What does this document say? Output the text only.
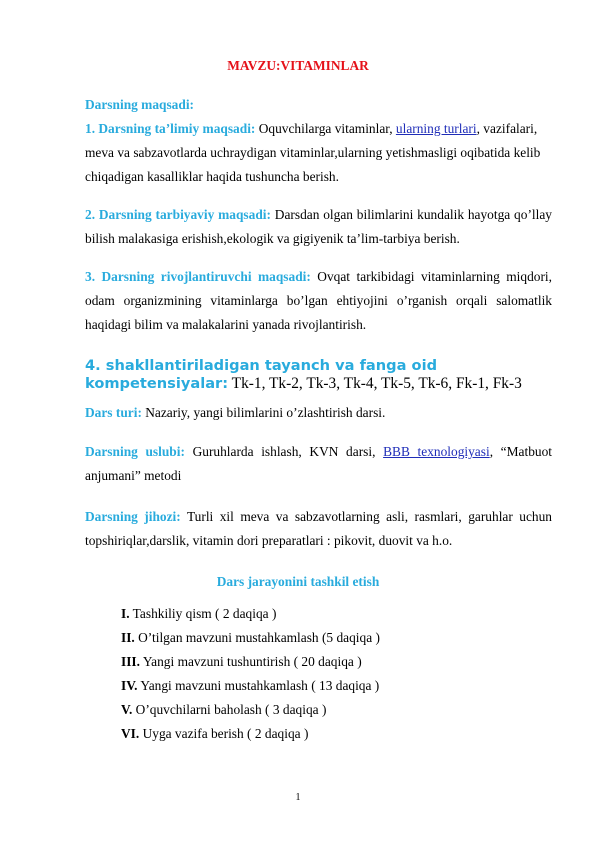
MAVZU:VITAMINLAR
Darsning maqsadi:
1. Darsning ta’limiy maqsadi: Oquvchilarga vitaminlar, ularning turlari, vazifalari, meva va sabzavotlarda uchraydigan vitaminlar,ularning yetishmasligi oqibatida kelib chiqadigan kasalliklar haqida tushuncha berish.
2. Darsning tarbiyaviy maqsadi: Darsdan olgan bilimlarini kundalik hayotga qo’llay bilish malakasiga erishish,ekologik va gigiyenik ta’lim-tarbiya berish.
3. Darsning rivojlantiruvchi maqsadi: Ovqat tarkibidagi vitaminlarning miqdori, odam organizmining vitaminlarga bo’lgan ehtiyojini o’rganish orqali salomatlik haqidagi bilim va malakalarini yanada rivojlantirish.
4. shakllantiriladigan tayanch va fanga oid kompetensiyalar: Tk-1, Tk-2, Tk-3, Tk-4, Tk-5, Tk-6, Fk-1, Fk-3
Dars turi: Nazariy, yangi bilimlarini o’zlashtirish darsi.
Darsning uslubi: Guruhlarda ishlash, KVN darsi, BBB texnologiyasi, “Matbuot anjumani” metodi
Darsning jihozi: Turli xil meva va sabzavotlarning asli, rasmlari, garuhlar uchun topshiriqlar,darslik, vitamin dori preparatlari : pikovit, duovit va h.o.
Dars jarayonini tashkil etish
I. Tashkiliy qism ( 2 daqiqa )
II. O’tilgan mavzuni mustahkamlash (5 daqiqa )
III. Yangi mavzuni tushuntirish ( 20 daqiqa )
IV. Yangi mavzuni mustahkamlash ( 13 daqiqa )
V. O’quvchilarni baholash ( 3 daqiqa )
VI. Uyga vazifa berish ( 2 daqiqa )
1
